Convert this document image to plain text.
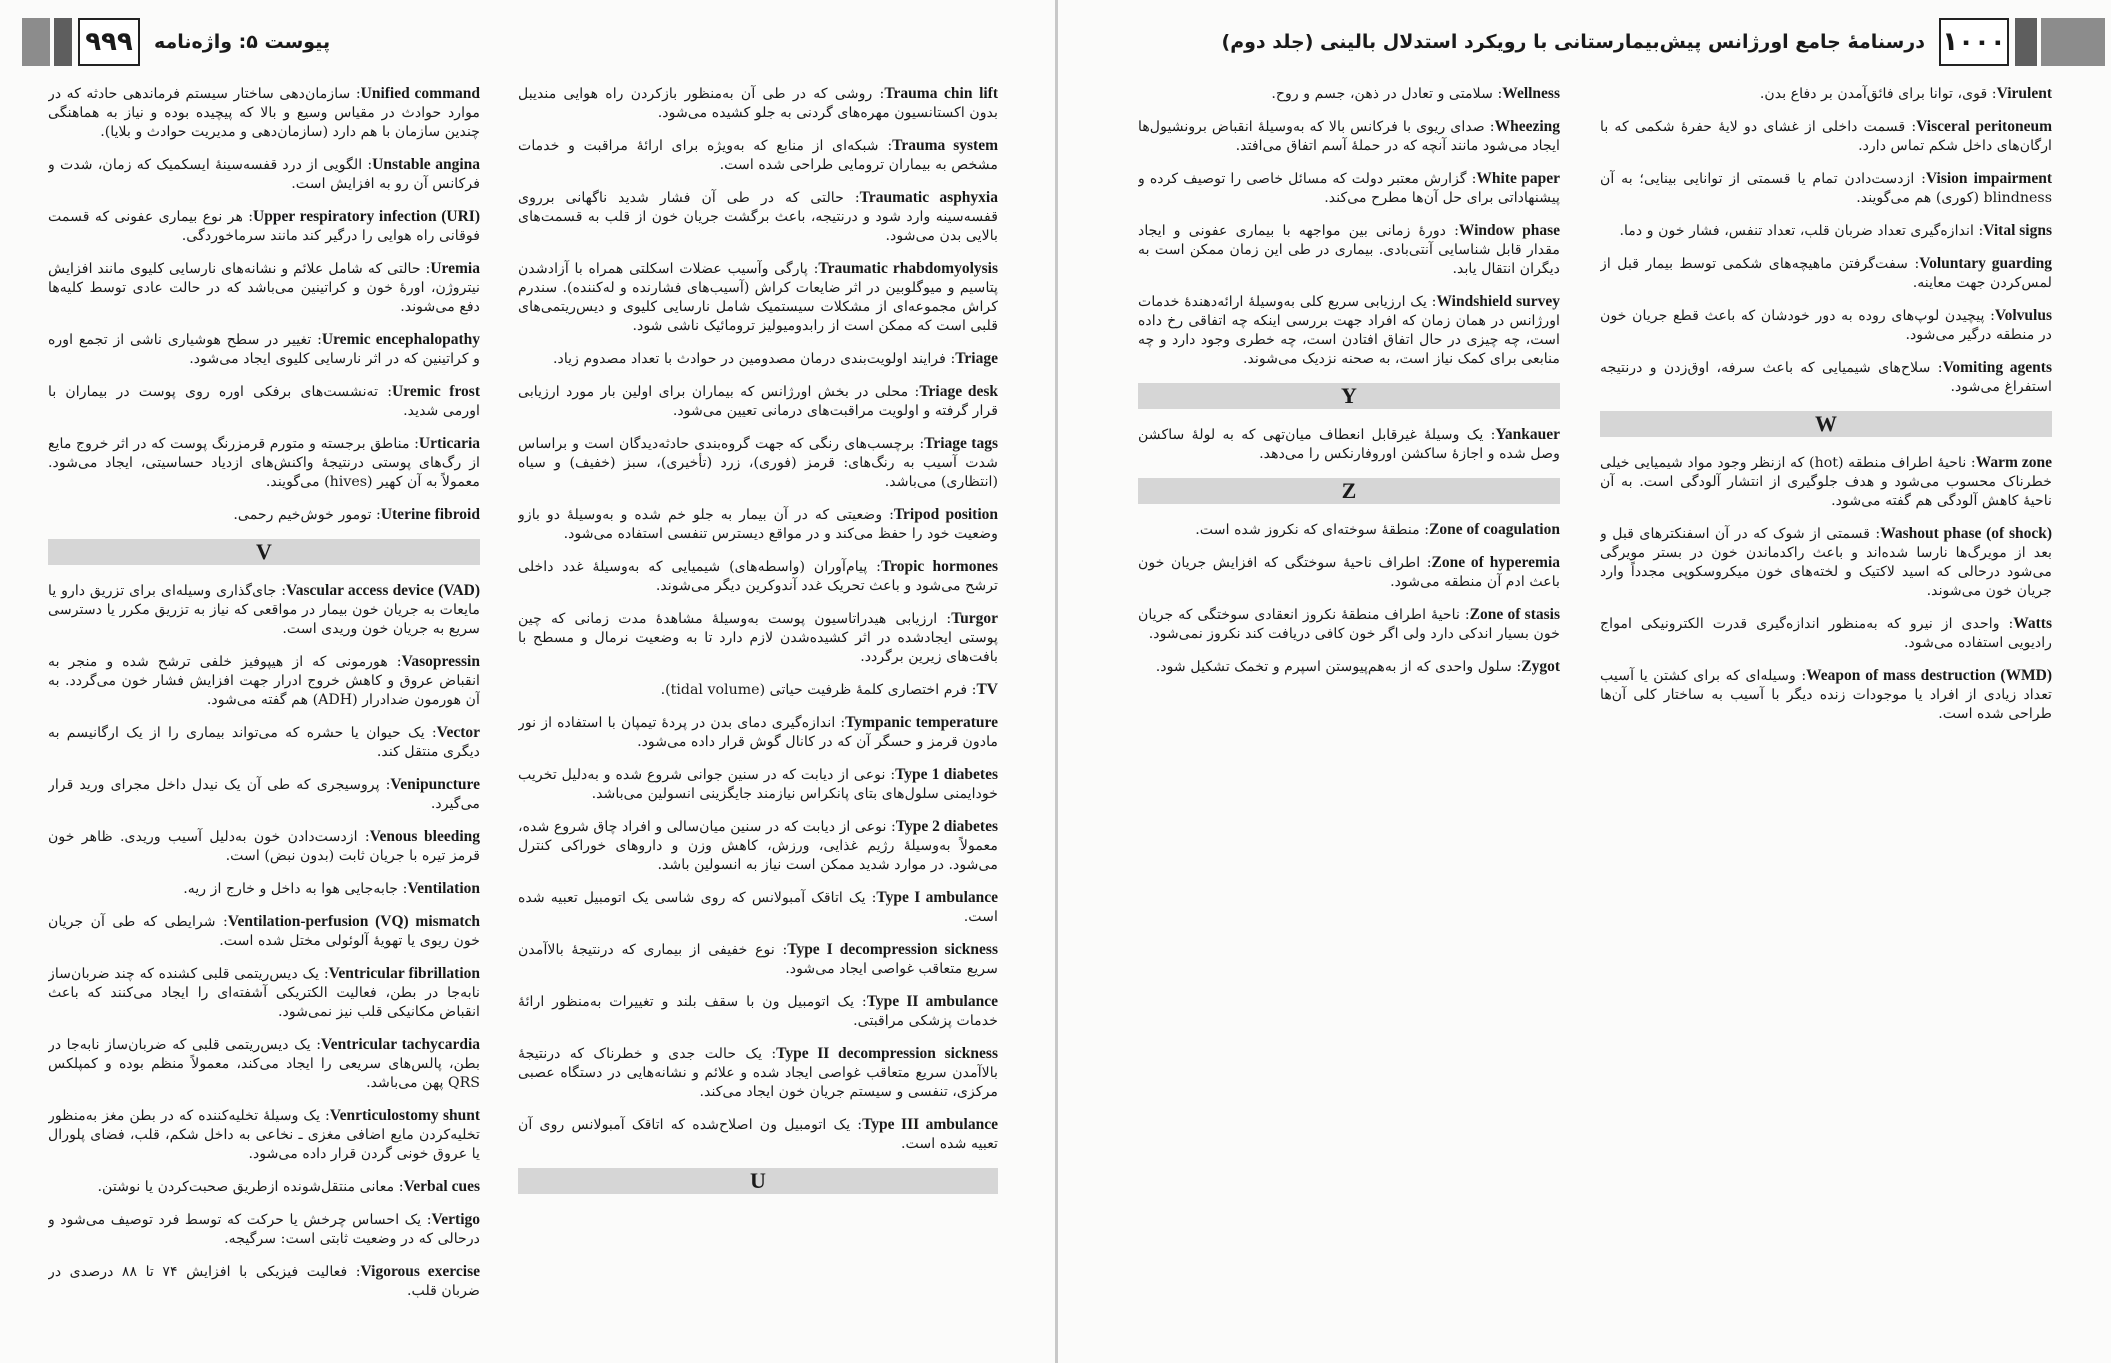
۹۹۹	پیوست ۵: واژه‌نامه
Trauma chin lift: روشی که در طی آن به‌منظور بازکردن راه هوایی مندیبل بدون اکستانسیون مهره‌های گردنی به جلو کشیده می‌شود.
Trauma system: شبکه‌ای از منابع که به‌ویژه برای ارائهٔ مراقبت و خدمات مشخص به بیماران ترومایی طراحی شده است.
Traumatic asphyxia: حالتی که در طی آن فشار شدید ناگهانی برروی قفسه‌سینه وارد شود و درنتیجه، باعث برگشت جریان خون از قلب به قسمت‌های بالایی بدن می‌شود.
Traumatic rhabdomyolysis: پارگی وآسیب عضلات اسکلتی همراه با آزادشدن پتاسیم و میوگلوبین در اثر ضایعات کراش (آسیب‌های فشارنده و له‌کننده). سندرم کراش مجموعه‌ای از مشکلات سیستمیک شامل نارسایی کلیوی و دیس‌ریتمی‌های قلبی است که ممکن است از رابدومیولیز ترومائیک ناشی شود.
Triage: فرایند اولویت‌بندی درمان مصدومین در حوادث با تعداد مصدوم زیاد.
Triage desk: محلی در بخش اورژانس که بیماران برای اولین بار مورد ارزیابی قرار گرفته و اولویت مراقبت‌های درمانی تعیین می‌شود.
Triage tags: برچسب‌های رنگی که جهت گروه‌بندی حادثه‌دیدگان است و براساس شدت آسیب به رنگ‌های: قرمز (فوری)، زرد (تأخیری)، سبز (خفیف) و سیاه (انتظاری) می‌باشد.
Tripod position: وضعیتی که در آن بیمار به جلو خم شده و به‌وسیلهٔ دو بازو وضعیت خود را حفظ می‌کند و در مواقع دیسترس تنفسی استفاده می‌شود.
Tropic hormones: پیام‌آوران (واسطه‌های) شیمیایی که به‌وسیلهٔ غدد داخلی ترشح می‌شود و باعث تحریک غدد آندوکرین دیگر می‌شوند.
Turgor: ارزیابی هیدراتاسیون پوست به‌وسیلهٔ مشاهدهٔ مدت زمانی که چین پوستی ایجادشده در اثر کشیده‌شدن لازم دارد تا به وضعیت نرمال و مسطح با بافت‌های زیرین برگردد.
TV: فرم اختصاری کلمهٔ ظرفیت حیاتی (tidal volume).
Tympanic temperature: اندازه‌گیری دمای بدن در پردهٔ تیمپان با استفاده از نور مادون قرمز و حسگر آن که در کانال گوش قرار داده می‌شود.
Type 1 diabetes: نوعی از دیابت که در سنین جوانی شروع شده و به‌دلیل تخریب خودایمنی سلول‌های بتای پانکراس نیازمند جایگزینی انسولین می‌باشد.
Type 2 diabetes: نوعی از دیابت که در سنین میان‌سالی و افراد چاق شروع شده، معمولاً به‌وسیلهٔ رژیم غذایی، ورزش، کاهش وزن و داروهای خوراکی کنترل می‌شود. در موارد شدید ممکن است نیاز به انسولین باشد.
Type I ambulance: یک اتاقک آمبولانس که روی شاسی یک اتومبیل تعبیه شده است.
Type I decompression sickness: نوع خفیفی از بیماری که درنتیجهٔ بالاآمدن سریع متعاقب غواصی ایجاد می‌شود.
Type II ambulance: یک اتومبیل ون با سقف بلند و تغییرات به‌منظور ارائهٔ خدمات پزشکی مراقبتی.
Type II decompression sickness: یک حالت جدی و خطرناک که درنتیجهٔ بالاآمدن سریع متعاقب غواصی ایجاد شده و علائم و نشانه‌هایی در دستگاه عصبی مرکزی، تنفسی و سیستم جریان خون ایجاد می‌کند.
Type III ambulance: یک اتومبیل ون اصلاح‌شده که اتاقک آمبولانس روی آن تعبیه شده است.
U
Unified command: سازمان‌دهی ساختار سیستم فرماندهی حادثه که در موارد حوادث در مقیاس وسیع و بالا که پیچیده بوده و نیاز به هماهنگی چندین سازمان با هم دارد (سازمان‌دهی و مدیریت حوادث و بلایا).
Unstable angina: الگویی از درد قفسه‌سینهٔ ایسکمیک که زمان، شدت و فرکانس آن رو به افزایش است.
Upper respiratory infection (URI): هر نوع بیماری عفونی که قسمت فوقانی راه هوایی را درگیر کند مانند سرماخوردگی.
Uremia: حالتی که شامل علائم و نشانه‌های نارسایی کلیوی مانند افزایش نیتروژن، اورهٔ خون و کراتینین می‌باشد که در حالت عادی توسط کلیه‌ها دفع می‌شوند.
Uremic encephalopathy: تغییر در سطح هوشیاری ناشی از تجمع اوره و کراتینین که در اثر نارسایی کلیوی ایجاد می‌شود.
Uremic frost: ته‌نشست‌های برفکی اوره روی پوست در بیماران با اورمی شدید.
Urticaria: مناطق برجسته و متورم قرمزرنگ پوست که در اثر خروج مایع از رگ‌های پوستی درنتیجهٔ واکنش‌های ازدیاد حساسیتی، ایجاد می‌شود. معمولاً به آن کهیر (hives) می‌گویند.
Uterine fibroid: تومور خوش‌خیم رحمی.
V
Vascular access device (VAD): جای‌گذاری وسیله‌ای برای تزریق دارو یا مایعات به جریان خون بیمار در مواقعی که نیاز به تزریق مکرر یا دسترسی سریع به جریان خون وریدی است.
Vasopressin: هورمونی که از هیپوفیز خلفی ترشح شده و منجر به انقباض عروق و کاهش خروج ادرار جهت افزایش فشار خون می‌گردد. به آن هورمون ضدادرار (ADH) هم گفته می‌شود.
Vector: یک حیوان یا حشره که می‌تواند بیماری را از یک ارگانیسم به دیگری منتقل کند.
Venipuncture: پروسیجری که طی آن یک نیدل داخل مجرای ورید قرار می‌گیرد.
Venous bleeding: ازدست‌دادن خون به‌دلیل آسیب وریدی. ظاهر خون قرمز تیره با جریان ثابت (بدون نبض) است.
Ventilation: جابه‌جایی هوا به داخل و خارج از ریه.
Ventilation-perfusion (VQ) mismatch: شرایطی که طی آن جریان خون ریوی یا تهویهٔ آلوئولی مختل شده است.
Ventricular fibrillation: یک دیس‌ریتمی قلبی کشنده که چند ضربان‌ساز نابه‌جا در بطن، فعالیت الکتریکی آشفته‌ای را ایجاد می‌کنند که باعث انقباض مکانیکی قلب نیز نمی‌شود.
Ventricular tachycardia: یک دیس‌ریتمی قلبی که ضربان‌ساز نابه‌جا در بطن، پالس‌های سریعی را ایجاد می‌کند، معمولاً منظم بوده و کمپلکس QRS پهن می‌باشد.
Venrticulostomy shunt: یک وسیلهٔ تخلیه‌کننده که در بطن مغز به‌منظور تخلیه‌کردن مایع اضافی مغزی ـ نخاعی به داخل شکم، قلب، فضای پلورال یا عروق خونی گردن قرار داده می‌شود.
Verbal cues: معانی منتقل‌شونده ازطریق صحبت‌کردن یا نوشتن.
Vertigo: یک احساس چرخش یا حرکت که توسط فرد توصیف می‌شود و درحالی که در وضعیت ثابتی است: سرگیجه.
Vigorous exercise: فعالیت فیزیکی با افزایش ۷۴ تا ۸۸ درصدی در ضربان قلب.
درسنامهٔ جامع اورژانس پیش‌بیمارستانی با رویکرد استدلال بالینی (جلد دوم) ۱۰۰۰
Virulent: قوی، توانا برای فائق‌آمدن بر دفاع بدن.
Visceral peritoneum: قسمت داخلی از غشای دو لایهٔ حفرهٔ شکمی که با ارگان‌های داخل شکم تماس دارد.
Vision impairment: ازدست‌دادن تمام یا قسمتی از توانایی بینایی؛ به آن blindness (کوری) هم می‌گویند.
Vital signs: اندازه‌گیری تعداد ضربان قلب، تعداد تنفس، فشار خون و دما.
Voluntary guarding: سفت‌گرفتن ماهیچه‌های شکمی توسط بیمار قبل از لمس‌کردن جهت معاینه.
Volvulus: پیچیدن لوپ‌های روده به دور خودشان که باعث قطع جریان خون در منطقه درگیر می‌شود.
Vomiting agents: سلاح‌های شیمیایی که باعث سرفه، اوق‌زدن و درنتیجه استفراغ می‌شود.
W
Warm zone: ناحیهٔ اطراف منطقه (hot) که ازنظر وجود مواد شیمیایی خیلی خطرناک محسوب می‌شود و هدف جلوگیری از انتشار آلودگی است. به آن ناحیهٔ کاهش آلودگی هم گفته می‌شود.
Washout phase (of shock): قسمتی از شوک که در آن اسفنکترهای قبل و بعد از مویرگ‌ها نارسا شده‌اند و باعث راکدماندن خون در بستر مویرگی می‌شود درحالی که اسید لاکتیک و لخته‌های خون میکروسکوپی مجدداً وارد جریان خون می‌شوند.
Watts: واحدی از نیرو که به‌منظور اندازه‌گیری قدرت الکترونیکی امواج رادیویی استفاده می‌شود.
Weapon of mass destruction (WMD): وسیله‌ای که برای کشتن یا آسیب تعداد زیادی از افراد یا موجودات زنده دیگر با آسیب به ساختار کلی آن‌ها طراحی شده است.
Wellness: سلامتی و تعادل در ذهن، جسم و روح.
Wheezing: صدای ریوی با فرکانس بالا که به‌وسیلهٔ انقباض برونشیول‌ها ایجاد می‌شود مانند آنچه که در حملهٔ آسم اتفاق می‌افتد.
White paper: گزارش معتبر دولت که مسائل خاصی را توصیف کرده و پیشنهاداتی برای حل آن‌ها مطرح می‌کند.
Window phase: دورهٔ زمانی بین مواجهه با بیماری عفونی و ایجاد مقدار قابل شناسایی آنتی‌بادی. بیماری در طی این زمان ممکن است به دیگران انتقال یابد.
Windshield survey: یک ارزیابی سریع کلی به‌وسیلهٔ ارائه‌دهندهٔ خدمات اورژانس در همان زمان که افراد جهت بررسی اینکه چه اتفاقی رخ داده است، چه چیزی در حال اتفاق افتادن است، چه خطری وجود دارد و چه منابعی برای کمک نیاز است، به صحنه نزدیک می‌شوند.
Y
Yankauer: یک وسیلهٔ غیرقابل انعطاف میان‌تهی که به لولهٔ ساکشن وصل شده و اجازهٔ ساکشن اوروفارنکس را می‌دهد.
Z
Zone of coagulation: منطقهٔ سوخته‌ای که نکروز شده است.
Zone of hyperemia: اطراف ناحیهٔ سوختگی که افزایش جریان خون باعث ادم آن منطقه می‌شود.
Zone of stasis: ناحیهٔ اطراف منطقهٔ نکروز انعقادی سوختگی که جریان خون بسیار اندکی دارد ولی اگر خون کافی دریافت کند نکروز نمی‌شود.
Zygot: سلول واحدی که از به‌هم‌پیوستن اسپرم و تخمک تشکیل شود.
